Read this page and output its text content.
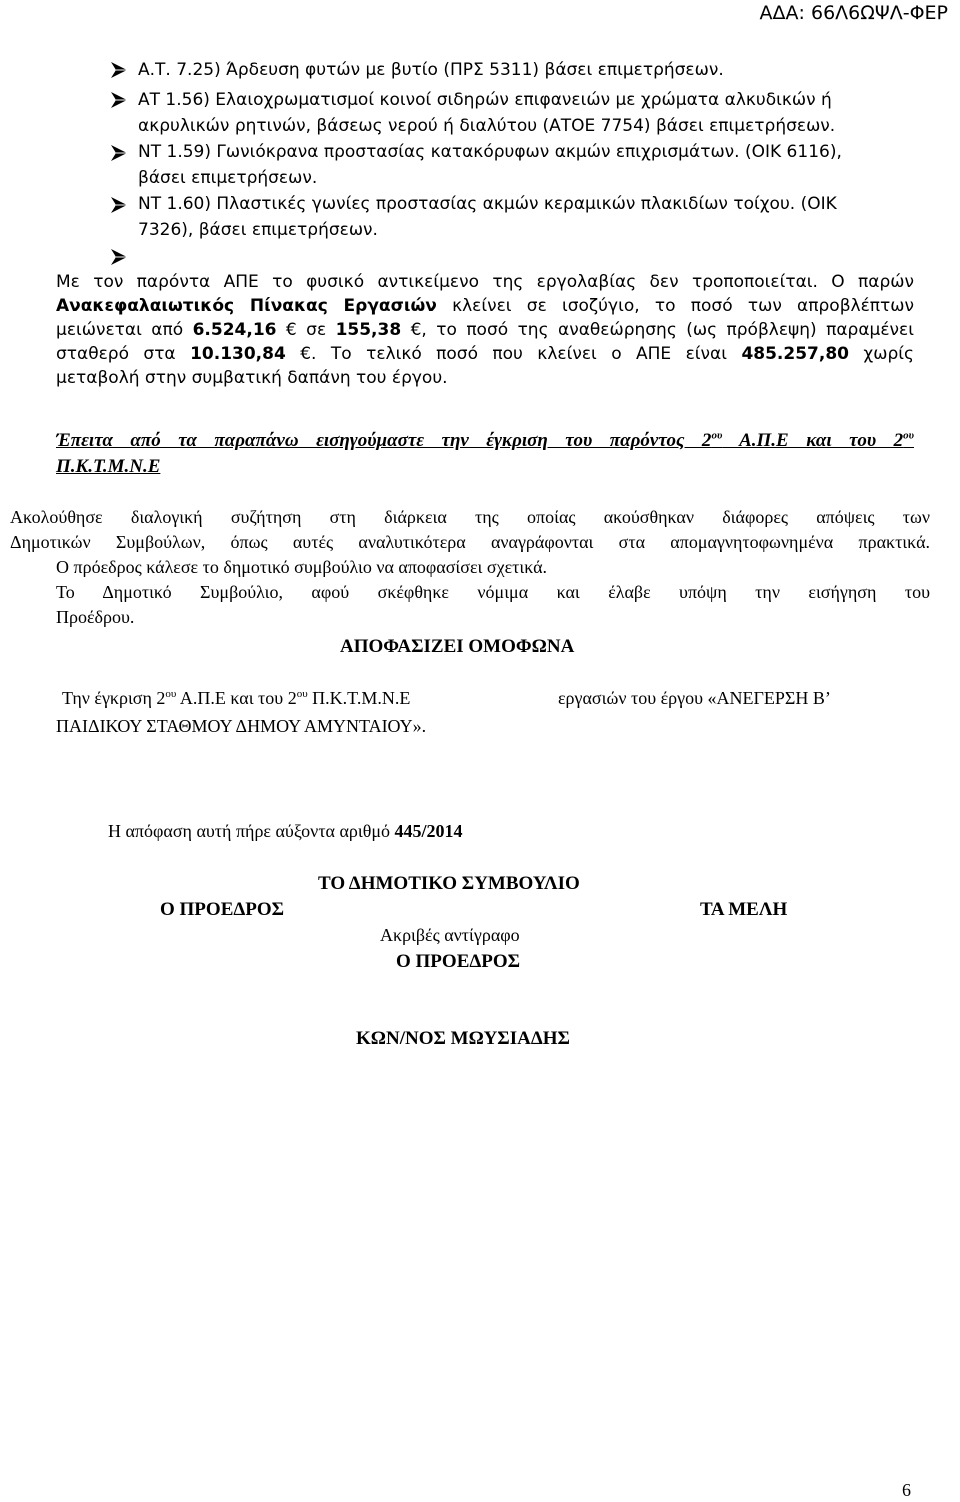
ΑΔΑ: 66Λ6ΩΨΛ-ΦΕΡ
Α.Τ. 7.25) Άρδευση φυτών με βυτίο (ΠΡΣ 5311) βάσει επιμετρήσεων.
ΑΤ 1.56) Ελαιοχρωματισμοί κοινοί σιδηρών επιφανειών με χρώματα αλκυδικών ή
ακρυλικών ρητινών, βάσεως νερού ή διαλύτου (ΑΤΟΕ 7754) βάσει επιμετρήσεων.
ΝΤ 1.59) Γωνιόκρανα προστασίας κατακόρυφων ακμών επιχρισμάτων. (ΟΙΚ 6116),
βάσει επιμετρήσεων.
ΝΤ 1.60) Πλαστικές γωνίες προστασίας ακμών κεραμικών πλακιδίων τοίχου. (ΟΙΚ
7326), βάσει επιμετρήσεων.
Με τον παρόντα ΑΠΕ το φυσικό αντικείμενο της εργολαβίας δεν τροποποιείται. Ο παρών
Ανακεφαλαιωτικός Πίνακας Εργασιών κλείνει σε ισοζύγιο, το ποσό των απροβλέπτων
μειώνεται από 6.524,16 € σε 155,38 €, το ποσό της αναθεώρησης (ως πρόβλεψη) παραμένει
σταθερό στα 10.130,84 €. Το τελικό ποσό που κλείνει ο ΑΠΕ είναι 485.257,80 χωρίς
μεταβολή στην συμβατική δαπάνη του έργου.
Έπειτα από τα παραπάνω εισηγούμαστε την έγκριση του παρόντος $2^{o\upsilon}$ Α.Π.Ε και του $2^{o\upsilon}$
Π.Κ.Τ.Μ.Ν.Ε
Ακολούθησε διαλογική συζήτηση στη διάρκεια της οποίας ακούσθηκαν διάφορες απόψεις των
Δημοτικών Συμβούλων, όπως αυτές αναλυτικότερα αναγράφονται στα απομαγνητοφωνημένα πρακτικά.
Ο πρόεδρος κάλεσε το δημοτικό συμβούλιο να αποφασίσει σχετικά.
Το Δημοτικό Συμβούλιο, αφού σκέφθηκε νόμιμα και έλαβε υπόψη την εισήγηση του
Προέδρου.
ΑΠΟΦΑΣΙΖΕΙ ΟΜΟΦΩΝΑ
Την έγκριση $2^{o\upsilon}$ Α.Π.Ε και του $2^{o\upsilon}$ Π.Κ.Τ.Μ.Ν.Ε	εργασιών του έργου «ΑΝΕΓΕΡΣΗ Β’
ΠΑΙΔΙΚΟΥ ΣΤΑΘΜΟΥ ΔΗΜΟΥ ΑΜΥΝΤΑΙΟΥ».
Η απόφαση αυτή πήρε αύξοντα αριθμό 445/2014
ΤΟ ΔΗΜΟΤΙΚΟ ΣΥΜΒΟΥΛΙΟ
Ο ΠΡΟΕΔΡΟΣ	ΤΑ ΜΕΛΗ
Ακριβές αντίγραφο
Ο ΠΡΟΕΔΡΟΣ
ΚΩΝ/ΝΟΣ ΜΩΥΣΙΑΔΗΣ
6
